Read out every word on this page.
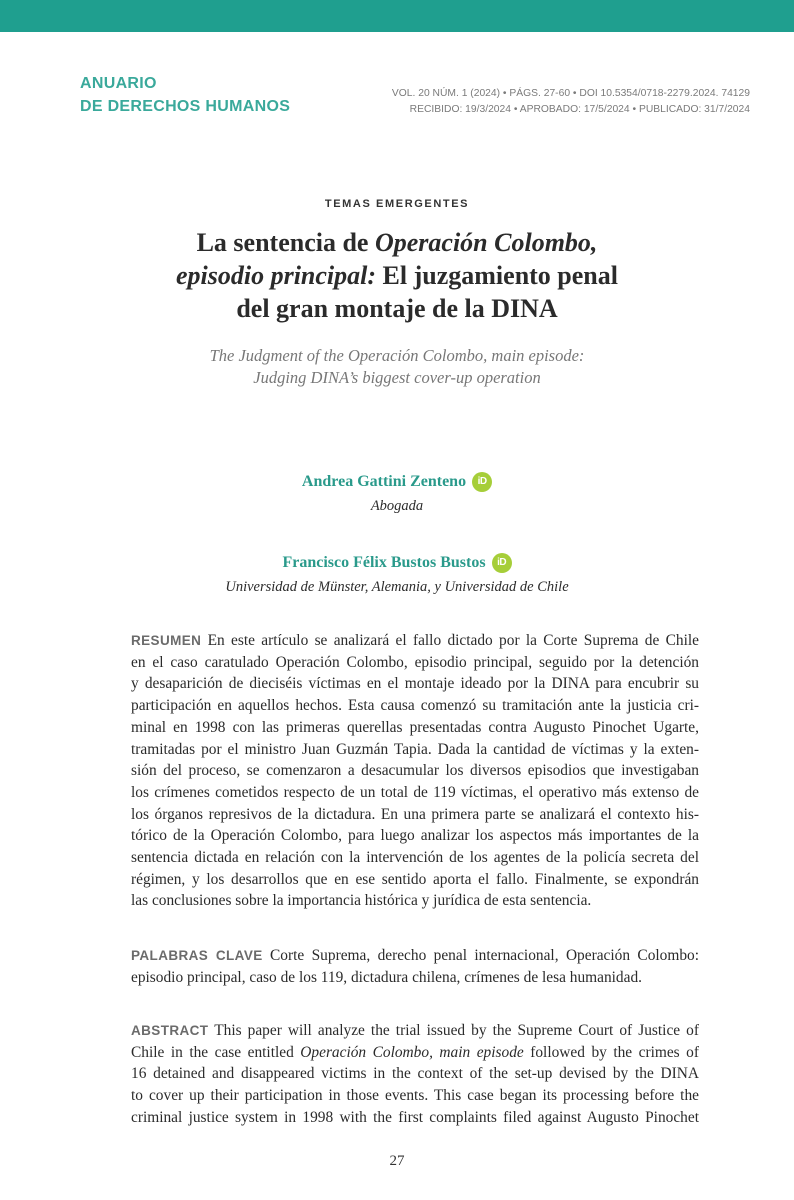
ANUARIO
DE DERECHOS HUMANOS
VOL. 20 NÚM. 1 (2024) • PÁGS. 27-60 • DOI 10.5354/0718-2279.2024. 74129
RECIBIDO: 19/3/2024 • APROBADO: 17/5/2024 • PUBLICADO: 31/7/2024
TEMAS EMERGENTES
La sentencia de Operación Colombo,
episodio principal: El juzgamiento penal
del gran montaje de la DINA
The Judgment of the Operación Colombo, main episode:
Judging DINA’s biggest cover-up operation
Andrea Gattini Zenteno	iD
Abogada
Francisco Félix Bustos Bustos	iD
Universidad de Münster, Alemania, y Universidad de Chile
RESUMEN En este artículo se analizará el fallo dictado por la Corte Suprema de Chile
en el caso caratulado Operación Colombo, episodio principal, seguido por la detención
y desaparición de dieciséis víctimas en el montaje ideado por la DINA para encubrir su
participación en aquellos hechos. Esta causa comenzó su tramitación ante la justicia cri-
minal en 1998 con las primeras querellas presentadas contra Augusto Pinochet Ugarte,
tramitadas por el ministro Juan Guzmán Tapia. Dada la cantidad de víctimas y la exten-
sión del proceso, se comenzaron a desacumular los diversos episodios que investigaban
los crímenes cometidos respecto de un total de 119 víctimas, el operativo más extenso de
los órganos represivos de la dictadura. En una primera parte se analizará el contexto his-
tórico de la Operación Colombo, para luego analizar los aspectos más importantes de la
sentencia dictada en relación con la intervención de los agentes de la policía secreta del
régimen, y los desarrollos que en ese sentido aporta el fallo. Finalmente, se expondrán
las conclusiones sobre la importancia histórica y jurídica de esta sentencia.
PALABRAS CLAVE Corte Suprema, derecho penal internacional, Operación Colombo:
episodio principal, caso de los 119, dictadura chilena, crímenes de lesa humanidad.
ABSTRACT This paper will analyze the trial issued by the Supreme Court of Justice of
Chile in the case entitled Operación Colombo, main episode followed by the crimes of
16 detained and disappeared victims in the context of the set-up devised by the DINA
to cover up their participation in those events. This case began its processing before the
criminal justice system in 1998 with the first complaints filed against Augusto Pinochet
27
